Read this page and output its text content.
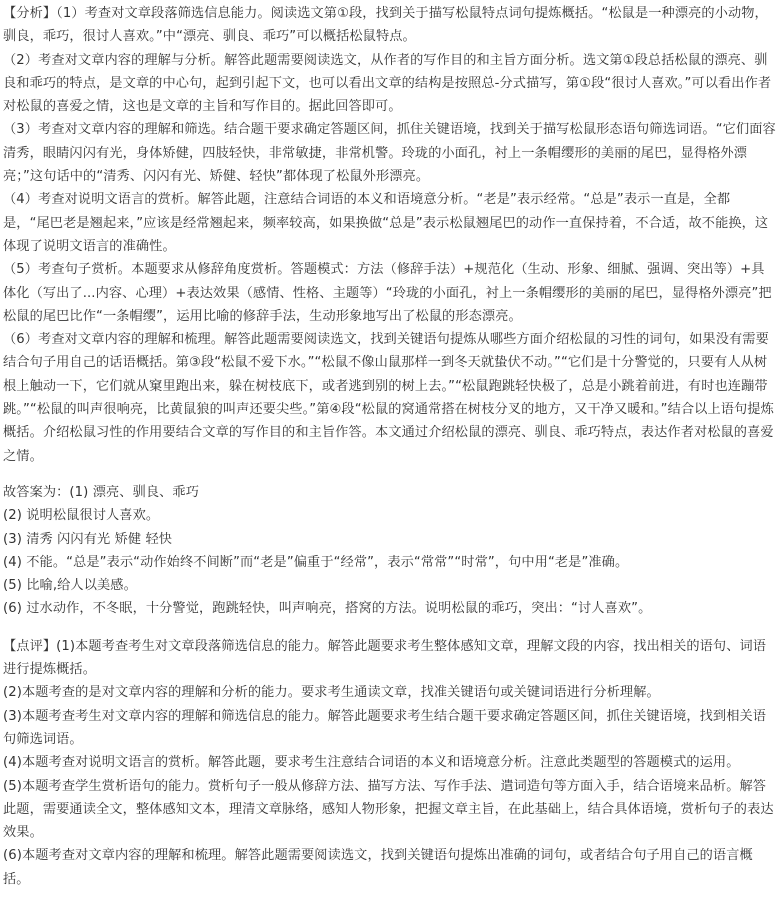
【分析】（1）考查对文章段落筛选信息能力。阅读选文第①段，找到关于描写松鼠特点词句提炼概括。“松鼠是一种漂亮的小动物，驯良，乖巧，很讨人喜欢。”中“漂亮、驯良、乖巧”可以概括松鼠特点。

（2）考查对文章内容的理解与分析。解答此题需要阅读选文，从作者的写作目的和主旨方面分析。选文第①段总括松鼠的漂亮、驯良和乖巧的特点，是文章的中心句，起到引起下文，也可以看出文章的结构是按照总-分式描写，第①段“很讨人喜欢。”可以看出作者对松鼠的喜爱之情，这也是文章的主旨和写作目的。据此回答即可。

（3）考查对文章内容的理解和筛选。结合题干要求确定答题区间，抓住关键语境，找到关于描写松鼠形态语句筛选词语。“它们面容清秀，眼睛闪闪有光，身体矫健，四肢轻快，非常敏捷，非常机警。玲珑的小面孔，衬上一条帽缨形的美丽的尾巴，显得格外漂亮；”这句话中的“清秀、闪闪有光、矫健、轻快”都体现了松鼠外形漂亮。

（4）考查对说明文语言的赏析。解答此题，注意结合词语的本义和语境意分析。“老是”表示经常。“总是”表示一直是，全都是，“尾巴老是翘起来，”应该是经常翘起来，频率较高，如果换做“总是”表示松鼠翘尾巴的动作一直保持着，不合适，故不能换，这体现了说明文语言的准确性。

（5）考查句子赏析。本题要求从修辞角度赏析。答题模式：方法（修辞手法）+规范化（生动、形象、细腻、强调、突出等）+具体化（写出了...内容、心理）+表达效果（感情、性格、主题等）“玲珑的小面孔，衬上一条帽缨形的美丽的尾巴，显得格外漂亮”把松鼠的尾巴比作“一条帽缨”，运用比喻的修辞手法，生动形象地写出了松鼠的形态漂亮。

（6）考查对文章内容的理解和梳理。解答此题需要阅读选文，找到关键语句提炼从哪些方面介绍松鼠的习性的词句，如果没有需要结合句子用自己的话语概括。第③段“松鼠不爱下水。”“松鼠不像山鼠那样一到冬天就蛰伏不动。”“它们是十分警觉的，只要有人从树根上触动一下，它们就从窠里跑出来，躲在树枝底下，或者逃到别的树上去。”“松鼠跑跳轻快极了，总是小跳着前进，有时也连蹦带跳。”“松鼠的叫声很响亮，比黄鼠狼的叫声还要尖些。”第④段“松鼠的窝通常搭在树枝分叉的地方，又干净又暖和。”结合以上语句提炼概括。介绍松鼠习性的作用要结合文章的写作目的和主旨作答。本文通过介绍松鼠的漂亮、驯良、乖巧特点，表达作者对松鼠的喜爱之情。

故答案为：(1) 漂亮、驯良、乖巧

(2) 说明松鼠很讨人喜欢。

(3) 清秀 闪闪有光 矫健 轻快

(4) 不能。“总是”表示“动作始终不间断”而“老是”偏重于“经常”，表示“常常”“时常”，句中用“老是”准确。

(5) 比喻,给人以美感。

(6) 过水动作，不冬眠，十分警觉，跑跳轻快，叫声响亮，搭窝的方法。说明松鼠的乖巧，突出：“讨人喜欢”。

【点评】(1)本题考查考生对文章段落筛选信息的能力。解答此题要求考生整体感知文章，理解文段的内容，找出相关的语句、词语进行提炼概括。

(2)本题考查的是对文章内容的理解和分析的能力。要求考生通读文章，找准关键语句或关键词语进行分析理解。

(3)本题考查考生对文章内容的理解和筛选信息的能力。解答此题要求考生结合题干要求确定答题区间，抓住关键语境，找到相关语句筛选词语。

(4)本题考查对说明文语言的赏析。解答此题，要求考生注意结合词语的本义和语境意分析。注意此类题型的答题模式的运用。

(5)本题考查学生赏析语句的能力。赏析句子一般从修辞方法、描写方法、写作手法、遣词造句等方面入手，结合语境来品析。解答此题，需要通读全文，整体感知文本，理清文章脉络，感知人物形象，把握文章主旨，在此基础上，结合具体语境，赏析句子的表达效果。

(6)本题考查对文章内容的理解和梳理。解答此题需要阅读选文，找到关键语句提炼出准确的词句，或者结合句子用自己的语言概括。
